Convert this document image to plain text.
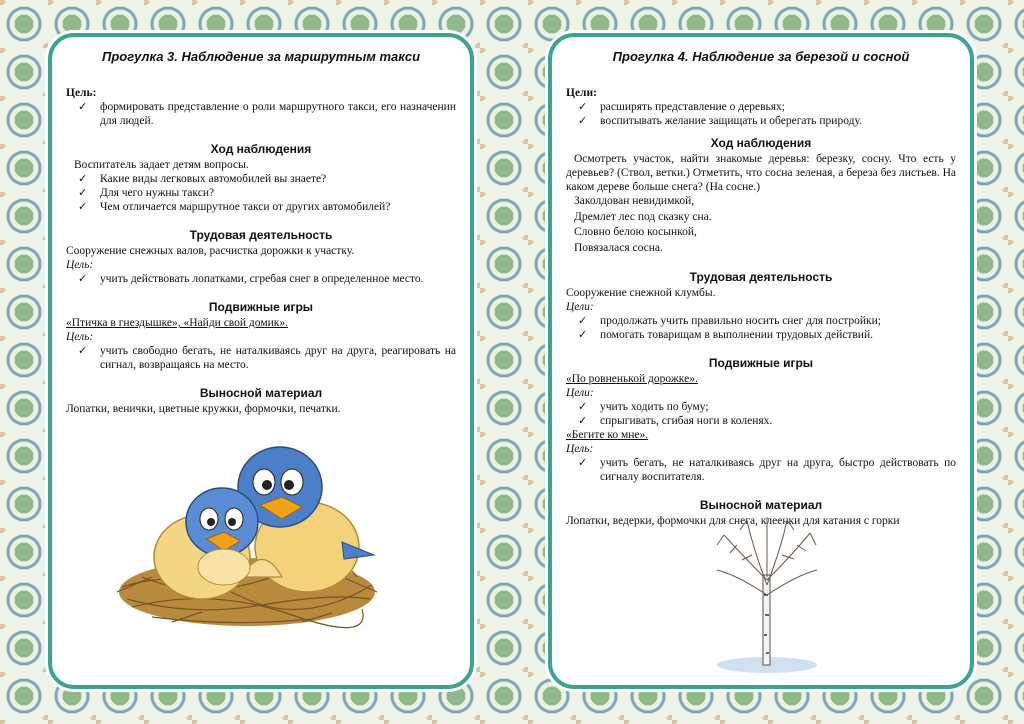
Прогулка 3. Наблюдение за маршрутным такси
Цель:
✓ формировать представление о роли маршрутного такси, его назначении для людей.
Ход наблюдения

Воспитатель задает детям вопросы.

✓ Какие виды легковых автомобилей вы знаете?
✓ Для чего нужны такси?
✓ Чем отличается маршрутное такси от других автомобилей?
Трудовая деятельность

Сооружение снежных валов, расчистка дорожки к участку.

Цель:
✓ учить действовать лопатками, сгребая снег в определенное место.
Подвижные игры

«Птичка в гнездышке», «Найди свой домик».

Цель:
✓ учить свободно бегать, не наталкиваясь друг на друга, реагировать на сигнал, возвращаясь на место.
Выносной материал

Лопатки, венички, цветные кружки, формочки, печатки.

Прогулка 4. Наблюдение за березой и сосной
Цели:
✓ расширять представление о деревьях;
✓ воспитывать желание защищать и оберегать природу.
Ход наблюдения

Осмотреть участок, найти знакомые деревья: березку, сосну. Что есть у деревьев? (Ствол, ветки.) Отметить, что сосна зеленая, а береза без листьев. На каком дереве больше снега? (На сосне.)

Заколдован невидимкой,
Дремлет лес под сказку сна.
Словно белою косынкой,
Повязалася сосна.
Трудовая деятельность

Сооружение снежной клумбы.

Цели:
✓ продолжать учить правильно носить снег для постройки;
✓ помогать товарищам в выполнении трудовых действий.
Подвижные игры

«По ровненькой дорожке».

Цели:
✓ учить ходить по буму;
✓ спрыгивать, сгибая ноги в коленях.

«Бегите ко мне».

Цель:
✓ учить бегать, не наталкиваясь друг на друга, быстро действовать по сигналу воспитателя.
Выносной материал

Лопатки, ведерки, формочки для снега, клеенки для катания с горки
